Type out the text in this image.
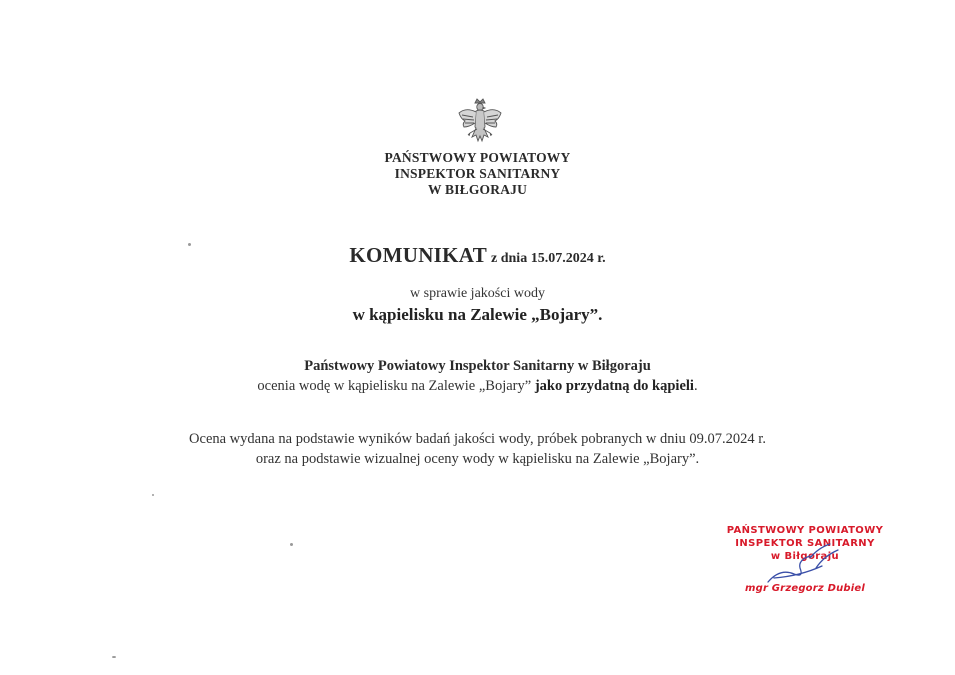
PAŃSTWOWY POWIATOWY
INSPEKTOR SANITARNY
W BIŁGORAJU
KOMUNIKAT z dnia 15.07.2024 r.
w sprawie jakości wody
w kąpielisku na Zalewie „Bojary”.
Państwowy Powiatowy Inspektor Sanitarny w Biłgoraju
ocenia wodę w kąpielisku na Zalewie „Bojary” jako przydatną do kąpieli.
Ocena wydana na podstawie wyników badań jakości wody, próbek pobranych w dniu 09.07.2024 r.
oraz na podstawie wizualnej oceny wody w kąpielisku na Zalewie „Bojary”.
PAŃSTWOWY POWIATOWY
INSPEKTOR SANITARNY
w Biłgoraju
mgr Grzegorz Dubiel
